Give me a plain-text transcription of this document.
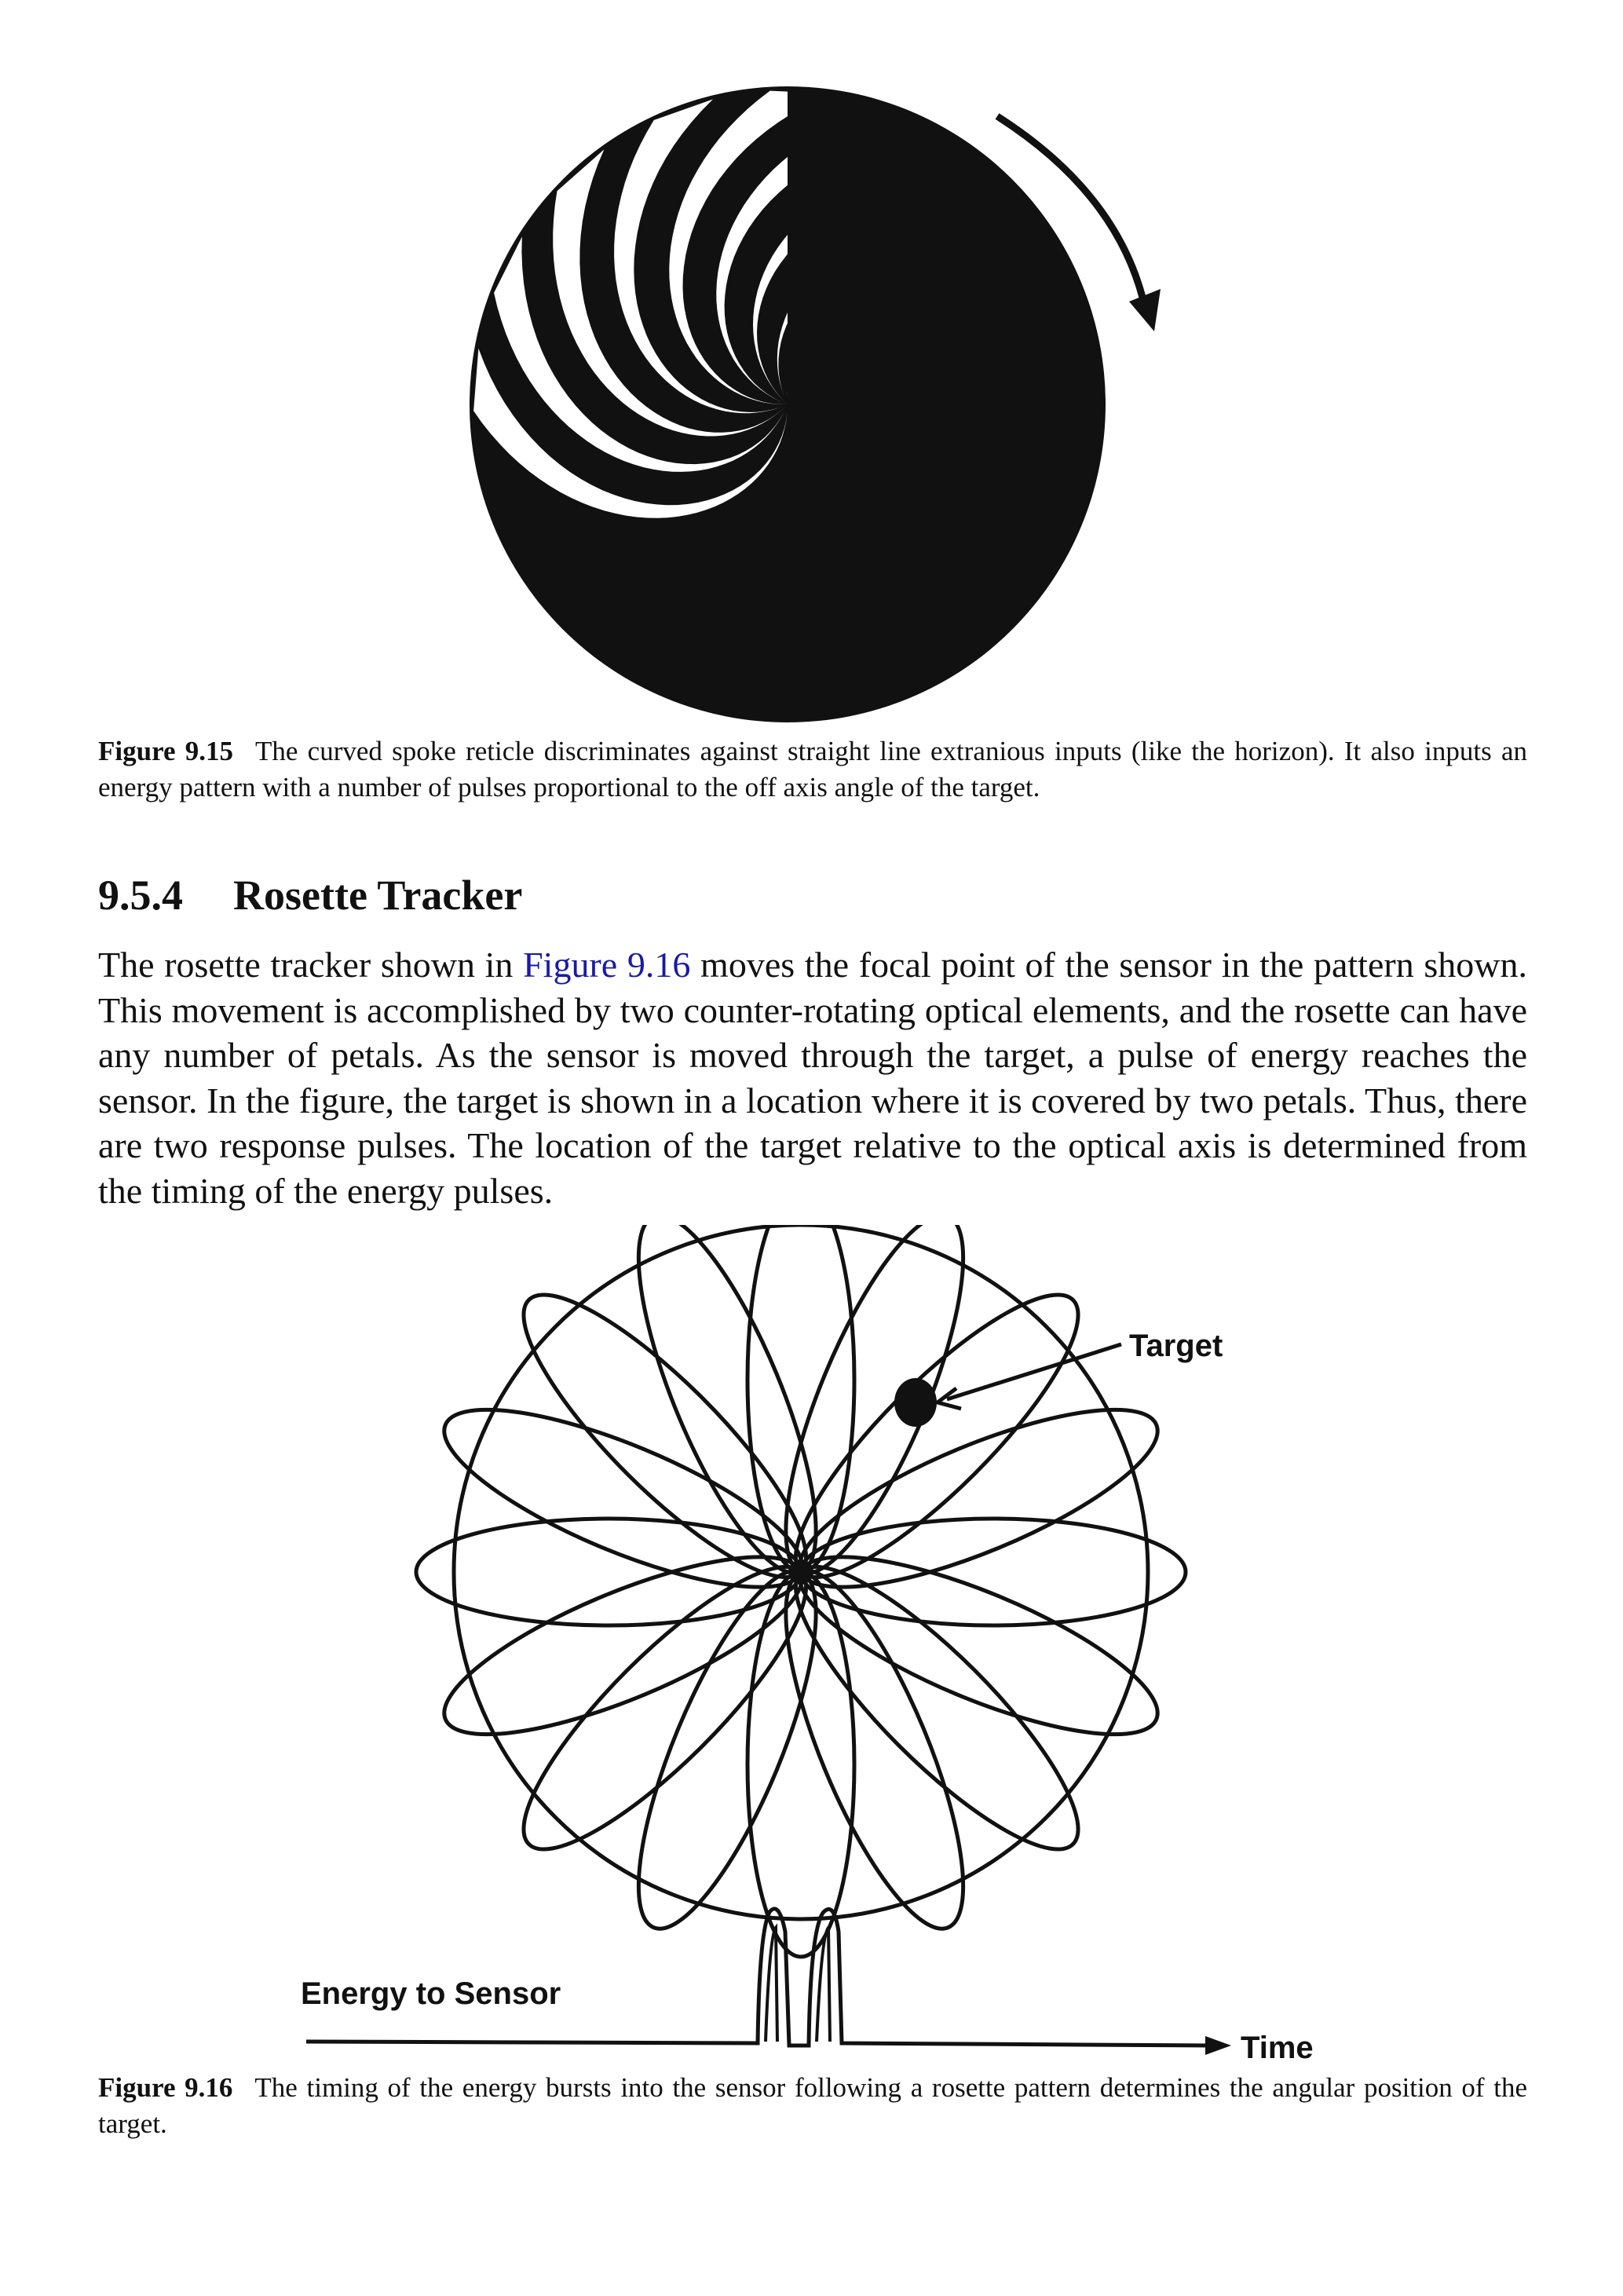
Figure 9.15 The curved spoke reticle discriminates against straight line extranious inputs (like the horizon). It also inputs an energy pattern with a number of pulses proportional to the off axis angle of the target.
9.5.4 Rosette Tracker
The rosette tracker shown in Figure 9.16 moves the focal point of the sensor in the pattern shown. This movement is accomplished by two counter-rotating optical elements, and the rosette can have any number of petals. As the sensor is moved through the target, a pulse of energy reaches the sensor. In the figure, the target is shown in a location where it is covered by two petals. Thus, there are two response pulses. The location of the target relative to the optical axis is determined from the timing of the energy pulses.
Target
Energy to Sensor
Time
Figure 9.16 The timing of the energy bursts into the sensor following a rosette pattern determines the angular position of the target.
